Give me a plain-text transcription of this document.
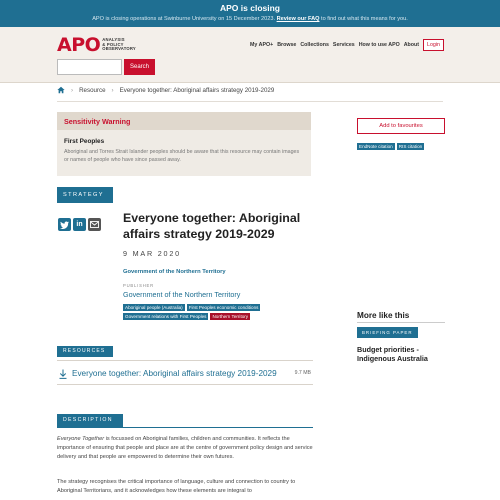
APO is closing
APO is closing operations at Swinburne University on 15 December 2023. Review our FAQ to find out what this means for you.
APO ANALYSIS
& POLICY
OBSERVATORY
My APO+ Browse Collections Services How to use APO About	Login
Search
› Resource › Everyone together: Aboriginal affairs strategy 2019-2029
Sensitivity Warning
First Peoples
Aboriginal and Torres Strait Islander peoples should be aware that this resource may contain images or names of people who have since passed away.
Add to favourites
EndNote citation	RIS citation
STRATEGY
in	Everyone together: Aboriginal affairs strategy 2019-2029
9 MAR 2020
Government of the Northern Territory
PUBLISHER
Government of the Northern Territory
Aboriginal people (Australia)	First Peoples economic conditions
Government relations with First Peoples	Northern Territory	More like this
BRIEFING PAPER
Budget priorities - Indigenous Australia
RESOURCES
Everyone together: Aboriginal affairs strategy 2019-2029	9.7 MB
DESCRIPTION
Everyone Together is focussed on Aboriginal families, children and communities. It reflects the importance of ensuring that people and place are at the centre of government policy design and service delivery and that people are empowered to determine their own futures.
The strategy recognises the critical importance of language, culture and connection to country to Aboriginal Territorians, and it acknowledges how these elements are integral to
